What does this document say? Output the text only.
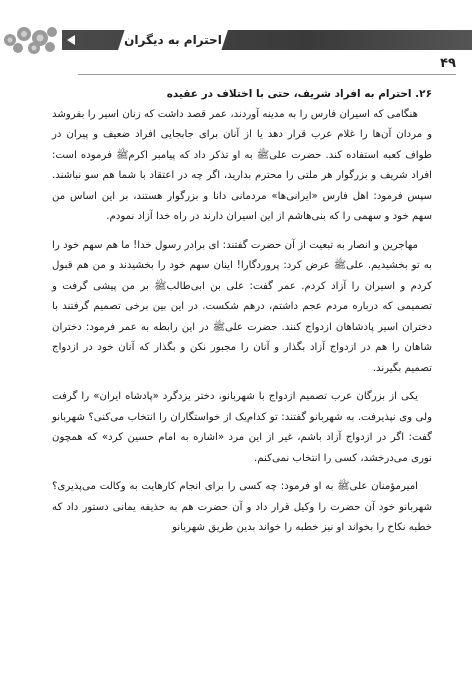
احترام به دیگران
۴۹

۲۶. احترام به افراد شریف، حتی با اختلاف در عقیده

هنگامی که اسیران فارس را به مدینه آوردند، عمر قصد داشت که زنان اسیر را بفروشد و مردان آن‌ها را غلام عرب قرار دهد یا از آنان برای جابجایی افراد ضعیف و پیران در طواف کعبه استفاده کند. حضرت علیﷺ به او تذکر داد که پیامبر اکرمﷺ فرموده است: افراد شریف و بزرگوار هر ملتی را محترم بدارید، اگر چه در اعتقاد با شما هم سو نباشند. سپس فرمود: اهل فارس «ایرانی‌ها» مردمانی دانا و بزرگوار هستند، بر این اساس من سهم خود و سهمی را که بنی‌هاشم از این اسیران دارند در راه خدا آزاد نمودم.

مهاجرین و انصار به تبعیت از آن حضرت گفتند: ای برادر رسول خدا! ما هم سهم خود را به تو بخشیدیم. علیﷺ عرض کرد: پروردگارا! اینان سهم خود را بخشیدند و من هم قبول کردم و اسیران را آزاد کردم. عمر گفت: علی بن ابی‌طالبﷺ بر من پیشی گرفت و تصمیمی که درباره مردم عجم داشتم، درهم شکست. در این بین برخی تصمیم گرفتند با دختران اسیر پادشاهان ازدواج کنند. حضرت علیﷺ در این رابطه به عمر فرمود: دختران شاهان را هم در ازدواج آزاد بگذار و آنان را مجبور نکن و بگذار که آنان خود در ازدواج تصمیم بگیرند.

یکی از بزرگان عرب تصمیم ازدواج با شهربانو، دختر یزدگرد «پادشاه ایران» را گرفت ولی وی نپذیرفت. به شهربانو گفتند: تو کدام‌یک از خواستگاران را انتخاب می‌کنی؟ شهربانو گفت: اگر در ازدواج آزاد باشم، غیر از این مرد «اشاره به امام حسین کرد» که همچون نوری می‌درخشد، کسی را انتخاب نمی‌کنم.

امیرمؤمنان علیﷺ به او فرمود: چه کسی را برای انجام کارهایت به وکالت می‌پذیری؟ شهربانو خود آن حضرت را وکیل قرار داد و آن حضرت هم به حذیفه یمانی دستور داد که خطبه نکاح را بخواند او نیز خطبه را خواند بدین طریق شهربانو
